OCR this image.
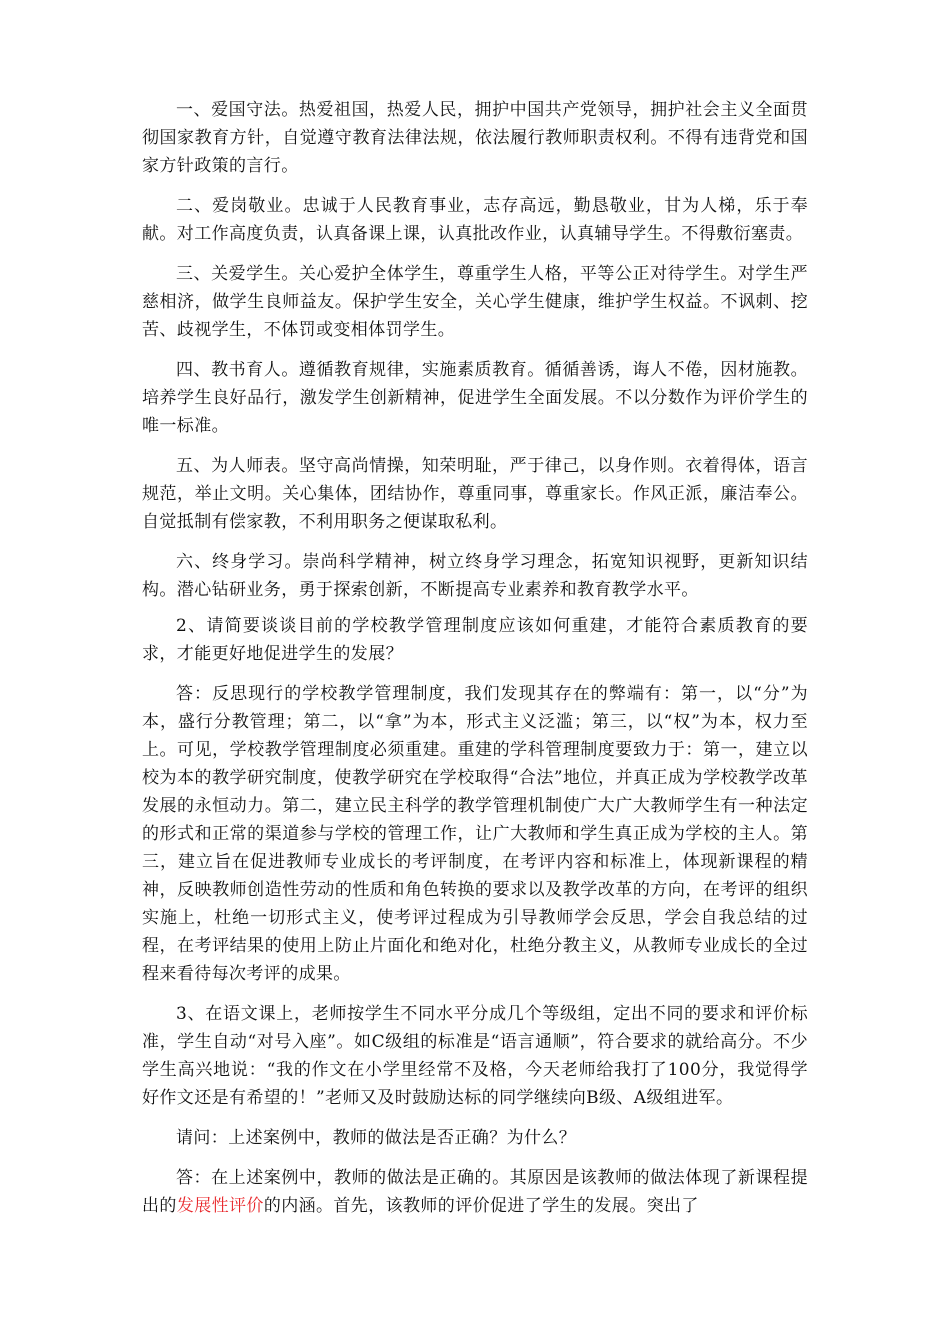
一、爱国守法。热爱祖国，热爱人民，拥护中国共产党领导，拥护社会主义全面贯彻国家教育方针，自觉遵守教育法律法规，依法履行教师职责权利。不得有违背党和国家方针政策的言行。

二、爱岗敬业。忠诚于人民教育事业，志存高远，勤恳敬业，甘为人梯，乐于奉献。对工作高度负责，认真备课上课，认真批改作业，认真辅导学生。不得敷衍塞责。

三、关爱学生。关心爱护全体学生，尊重学生人格，平等公正对待学生。对学生严慈相济，做学生良师益友。保护学生安全，关心学生健康，维护学生权益。不讽刺、挖苦、歧视学生，不体罚或变相体罚学生。

四、教书育人。遵循教育规律，实施素质教育。循循善诱，诲人不倦，因材施教。培养学生良好品行，激发学生创新精神，促进学生全面发展。不以分数作为评价学生的唯一标准。

五、为人师表。坚守高尚情操，知荣明耻，严于律己，以身作则。衣着得体，语言规范，举止文明。关心集体，团结协作，尊重同事，尊重家长。作风正派，廉洁奉公。自觉抵制有偿家教，不利用职务之便谋取私利。

六、终身学习。崇尚科学精神，树立终身学习理念，拓宽知识视野，更新知识结构。潜心钻研业务，勇于探索创新，不断提高专业素养和教育教学水平。

2、请简要谈谈目前的学校教学管理制度应该如何重建，才能符合素质教育的要求，才能更好地促进学生的发展？

答：反思现行的学校教学管理制度，我们发现其存在的弊端有：第一，以“分”为本，盛行分教管理；第二，以“拿”为本，形式主义泛滥；第三，以“权”为本，权力至上。可见，学校教学管理制度必须重建。重建的学科管理制度要致力于：第一，建立以校为本的教学研究制度，使教学研究在学校取得“合法”地位，并真正成为学校教学改革发展的永恒动力。第二，建立民主科学的教学管理机制使广大广大教师学生有一种法定的形式和正常的渠道参与学校的管理工作，让广大教师和学生真正成为学校的主人。第三，建立旨在促进教师专业成长的考评制度，在考评内容和标准上，体现新课程的精神，反映教师创造性劳动的性质和角色转换的要求以及教学改革的方向，在考评的组织实施上，杜绝一切形式主义，使考评过程成为引导教师学会反思，学会自我总结的过程，在考评结果的使用上防止片面化和绝对化，杜绝分教主义，从教师专业成长的全过程来看待每次考评的成果。

3、在语文课上，老师按学生不同水平分成几个等级组，定出不同的要求和评价标准，学生自动“对号入座”。如C级组的标准是“语言通顺”，符合要求的就给高分。不少学生高兴地说：“我的作文在小学里经常不及格，今天老师给我打了100分，我觉得学好作文还是有希望的！”老师又及时鼓励达标的同学继续向B级、A级组进军。

请问：上述案例中，教师的做法是否正确？为什么？

答：在上述案例中，教师的做法是正确的。其原因是该教师的做法体现了新课程提出的发展性评价的内涵。首先，该教师的评价促进了学生的发展。突出了
